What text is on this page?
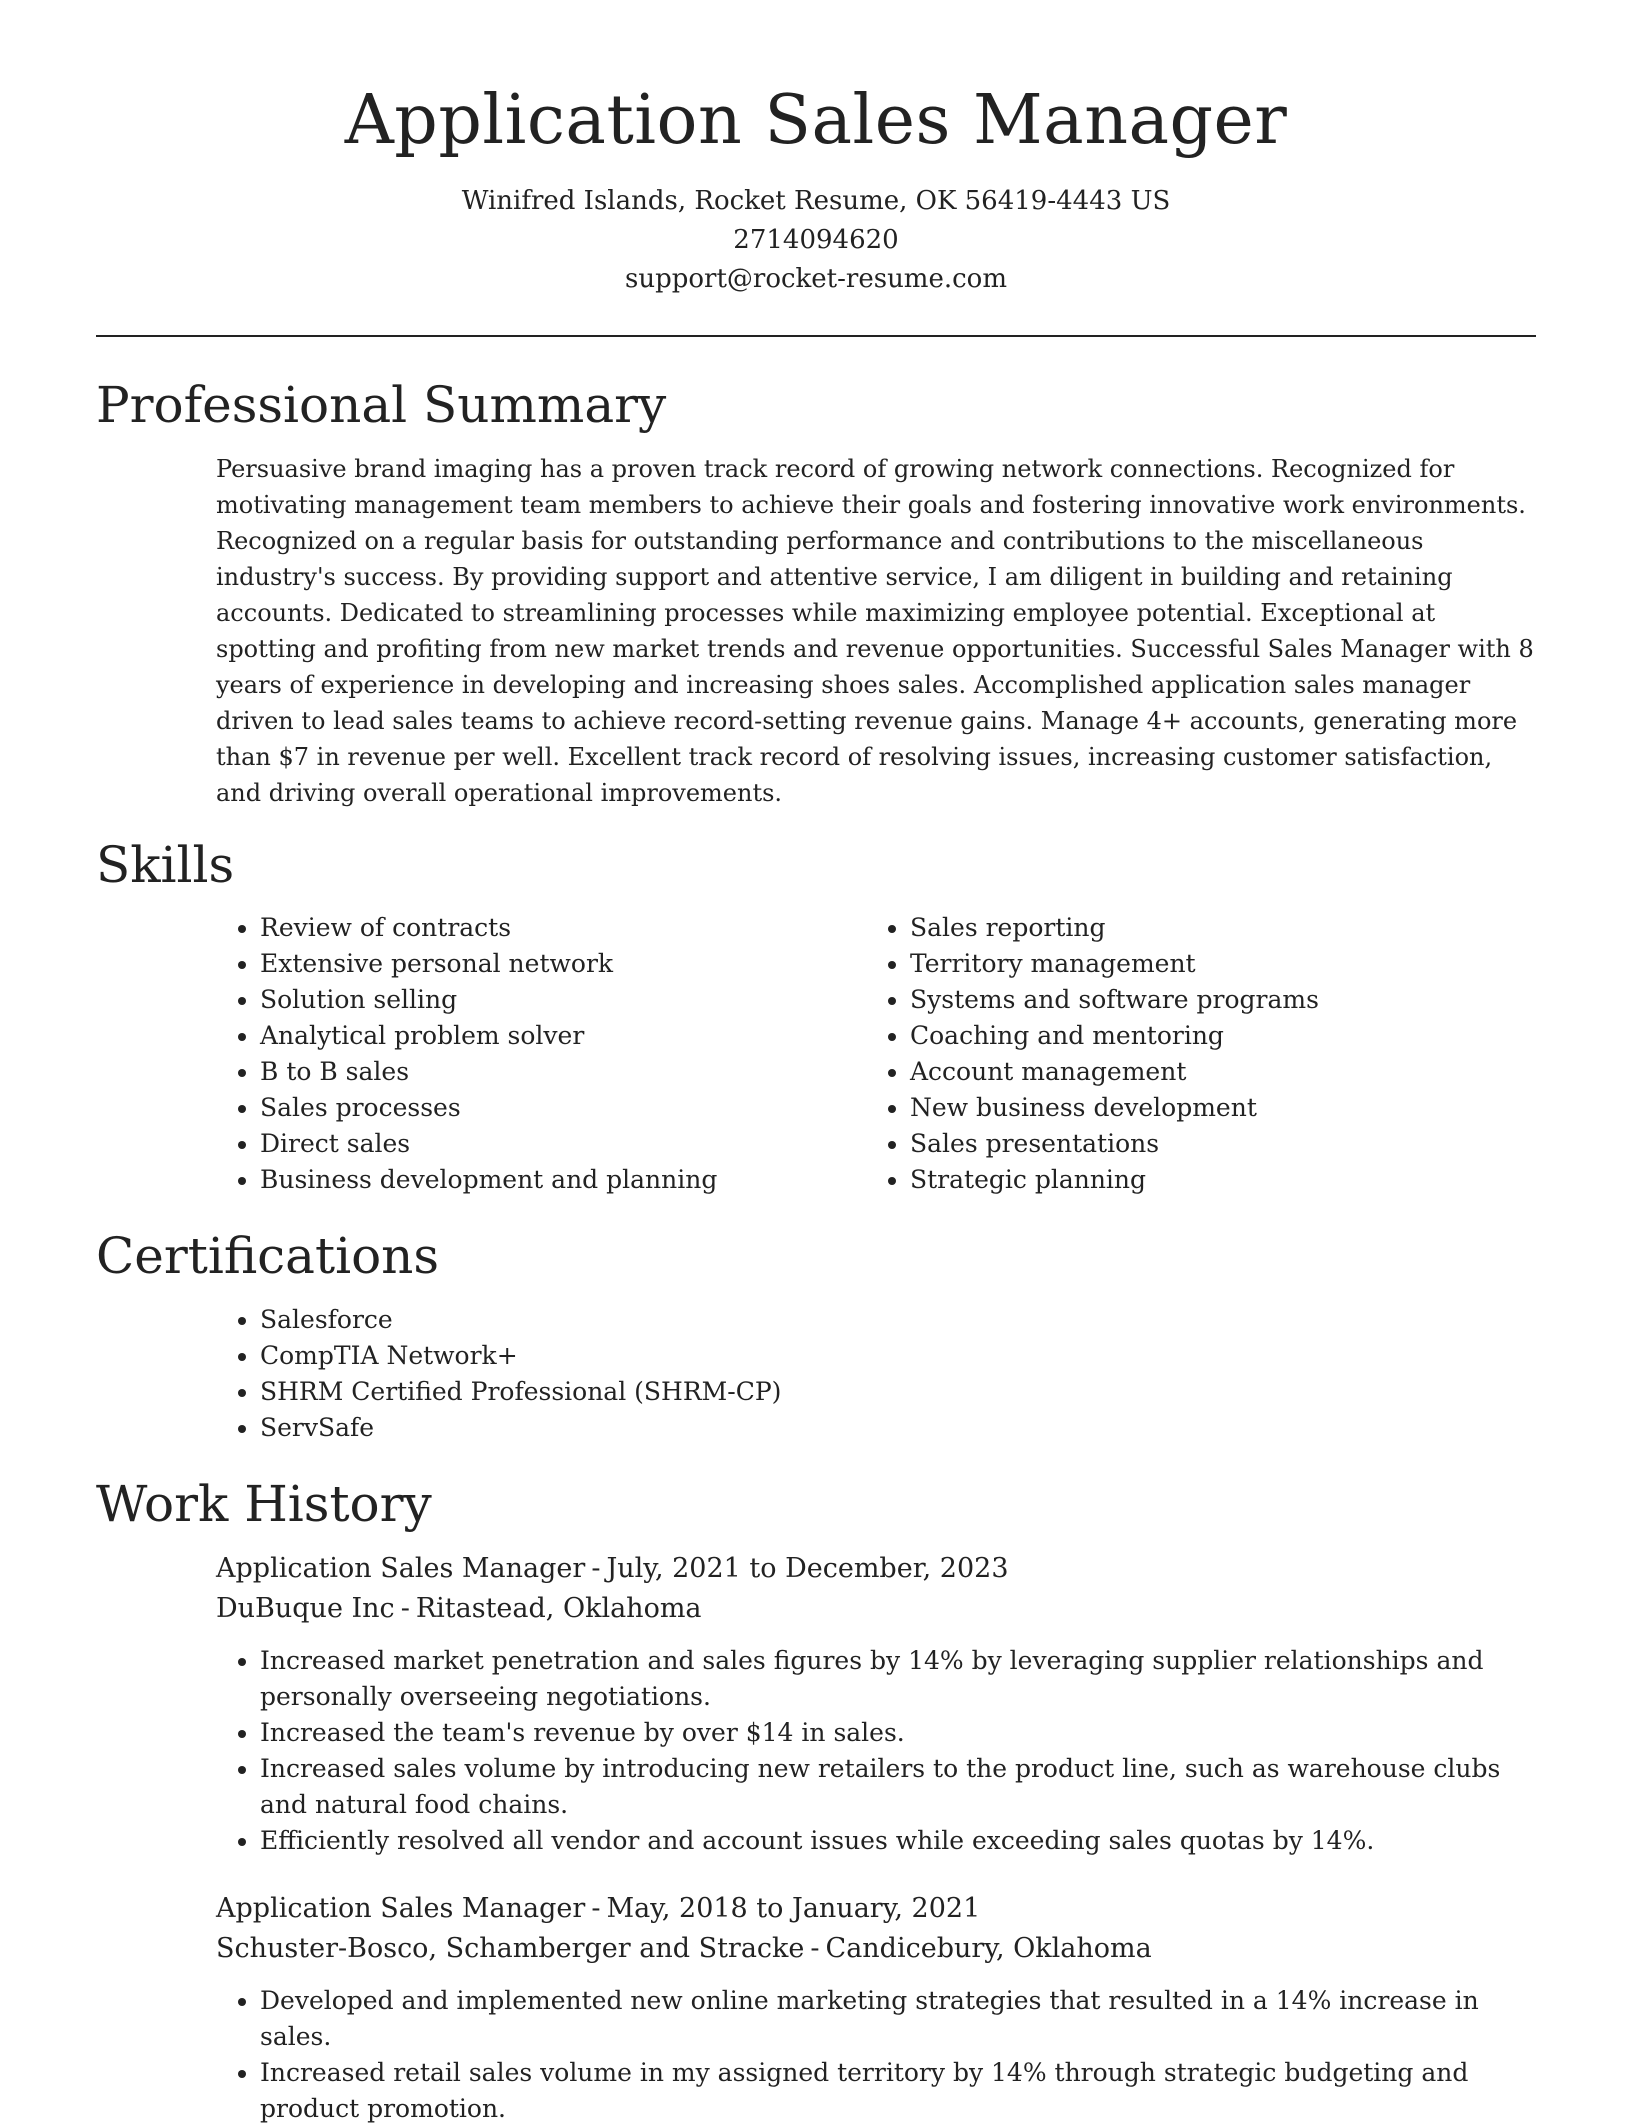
Application Sales Manager

Winifred Islands, Rocket Resume, OK 56419-4443 US

2714094620

support@rocket-resume.com

Professional Summary

Persuasive brand imaging has a proven track record of growing network connections. Recognized for motivating management team members to achieve their goals and fostering innovative work environments. Recognized on a regular basis for outstanding performance and contributions to the miscellaneous industry's success. By providing support and attentive service, I am diligent in building and retaining accounts. Dedicated to streamlining processes while maximizing employee potential. Exceptional at spotting and profiting from new market trends and revenue opportunities. Successful Sales Manager with 8 years of experience in developing and increasing shoes sales. Accomplished application sales manager driven to lead sales teams to achieve record-setting revenue gains. Manage 4+ accounts, generating more than $7 in revenue per well. Excellent track record of resolving issues, increasing customer satisfaction, and driving overall operational improvements.

Skills
• Review of contracts
• Extensive personal network
• Solution selling
• Analytical problem solver
• B to B sales
• Sales processes
• Direct sales
• Business development and planning
• Sales reporting
• Territory management
• Systems and software programs
• Coaching and mentoring
• Account management
• New business development
• Sales presentations
• Strategic planning
Certifications
• Salesforce
• CompTIA Network+
• SHRM Certified Professional (SHRM-CP)
• ServSafe
Work History

Application Sales Manager - July, 2021 to December, 2023

DuBuque Inc - Ritastead, Oklahoma

• Increased market penetration and sales figures by 14% by leveraging supplier relationships and personally overseeing negotiations.
• Increased the team's revenue by over $14 in sales.
• Increased sales volume by introducing new retailers to the product line, such as warehouse clubs and natural food chains.
• Efficiently resolved all vendor and account issues while exceeding sales quotas by 14%.

Application Sales Manager - May, 2018 to January, 2021

Schuster-Bosco, Schamberger and Stracke - Candicebury, Oklahoma

• Developed and implemented new online marketing strategies that resulted in a 14% increase in sales.
• Increased retail sales volume in my assigned territory by 14% through strategic budgeting and product promotion.
